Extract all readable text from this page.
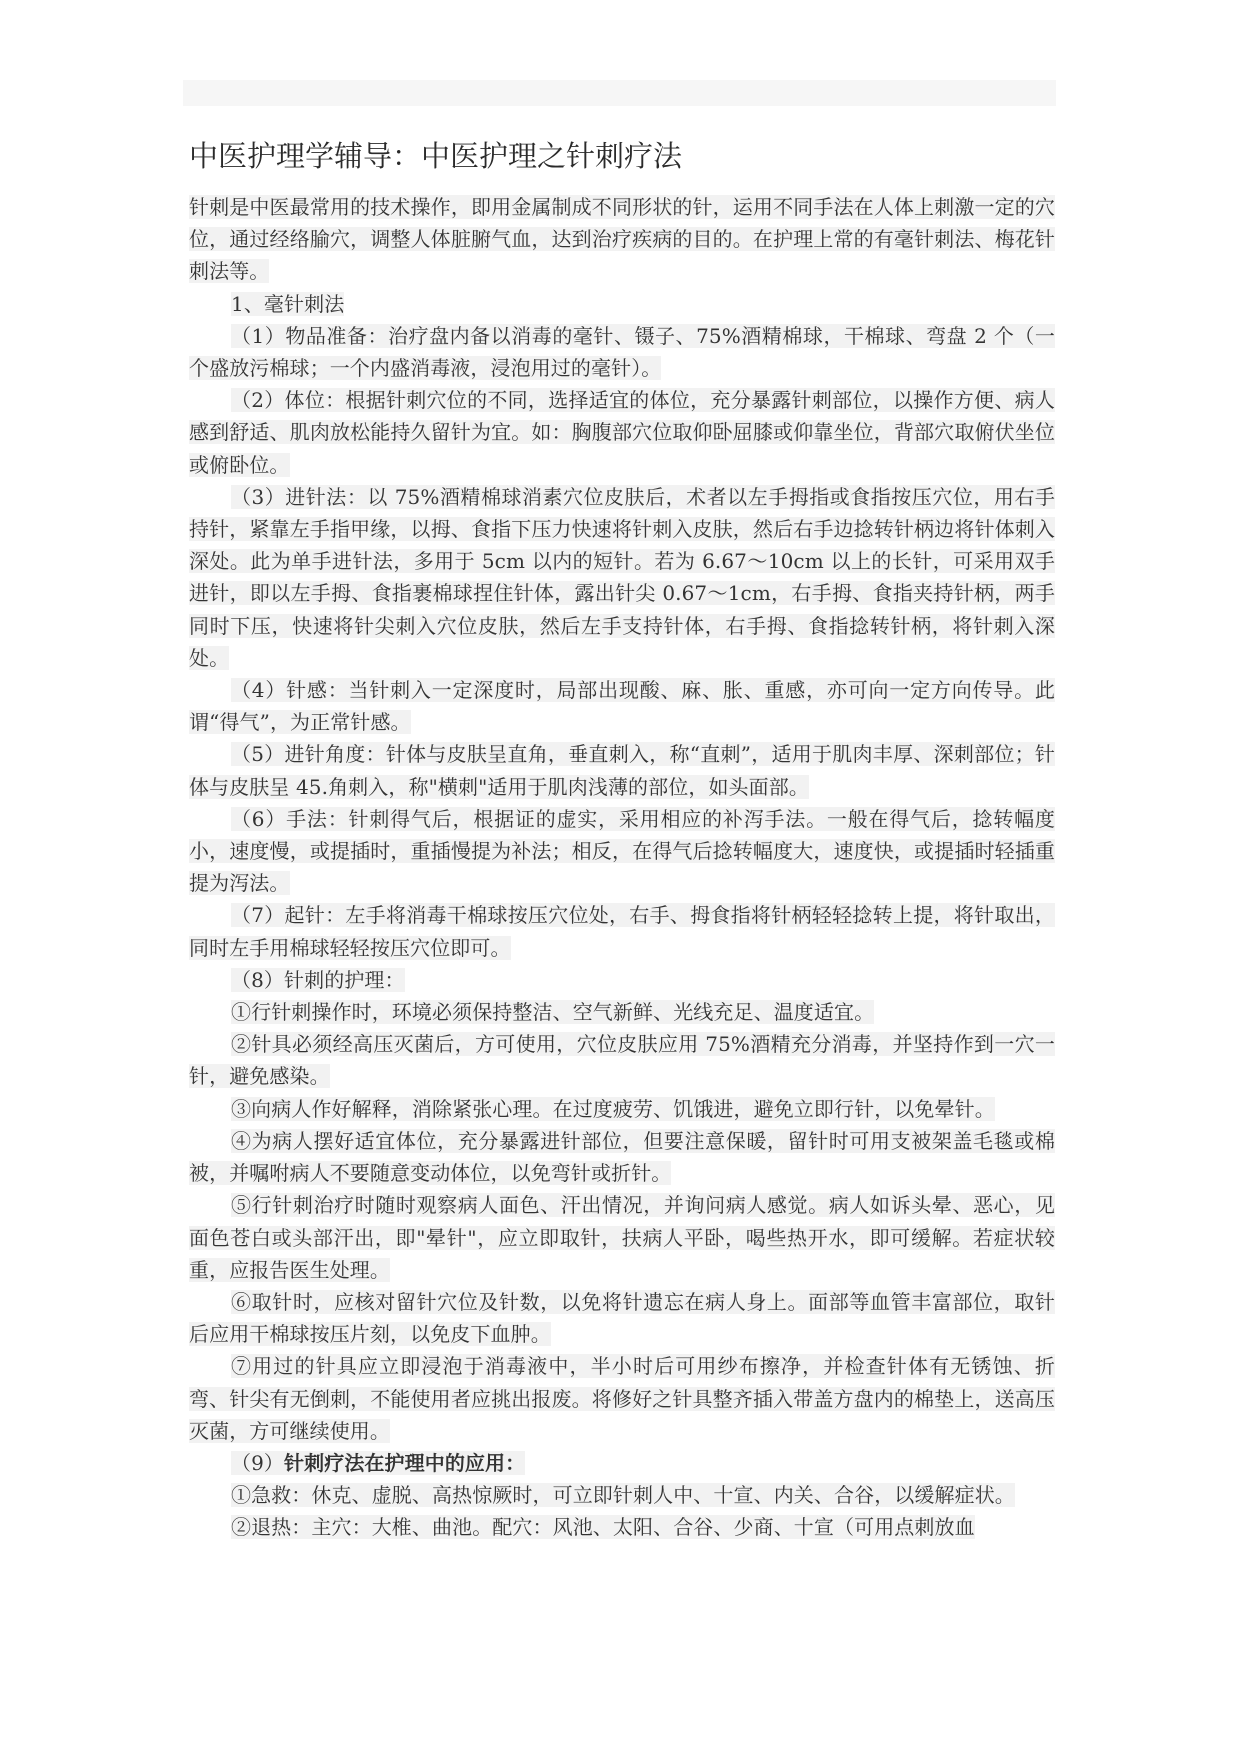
中医护理学辅导：中医护理之针刺疗法

针刺是中医最常用的技术操作，即用金属制成不同形状的针，运用不同手法在人体上刺激一定的穴位，通过经络腧穴，调整人体脏腑气血，达到治疗疾病的目的。在护理上常的有毫针刺法、梅花针刺法等。

1、毫针刺法

（1）物品准备：治疗盘内备以消毒的毫针、镊子、75%酒精棉球，干棉球、弯盘 2 个（一个盛放污棉球；一个内盛消毒液，浸泡用过的毫针）。

（2）体位：根据针刺穴位的不同，选择适宜的体位，充分暴露针刺部位，以操作方便、病人感到舒适、肌肉放松能持久留针为宜。如：胸腹部穴位取仰卧屈膝或仰靠坐位，背部穴取俯伏坐位或俯卧位。

（3）进针法：以 75%酒精棉球消素穴位皮肤后，术者以左手拇指或食指按压穴位，用右手持针，紧靠左手指甲缘，以拇、食指下压力快速将针刺入皮肤，然后右手边捻转针柄边将针体刺入深处。此为单手进针法，多用于 5cm 以内的短针。若为 6.67～10cm 以上的长针，可采用双手进针，即以左手拇、食指裹棉球捏住针体，露出针尖 0.67～1cm，右手拇、食指夹持针柄，两手同时下压，快速将针尖刺入穴位皮肤，然后左手支持针体，右手拇、食指捻转针柄，将针刺入深处。

（4）针感：当针刺入一定深度时，局部出现酸、麻、胀、重感，亦可向一定方向传导。此谓“得气”，为正常针感。

（5）进针角度：针体与皮肤呈直角，垂直刺入，称“直刺”，适用于肌肉丰厚、深刺部位；针体与皮肤呈 45.角刺入，称"横刺"适用于肌肉浅薄的部位，如头面部。

（6）手法：针刺得气后，根据证的虚实，采用相应的补泻手法。一般在得气后，捻转幅度小，速度慢，或提插时，重插慢提为补法；相反，在得气后捻转幅度大，速度快，或提插时轻插重提为泻法。

（7）起针：左手将消毒干棉球按压穴位处，右手、拇食指将针柄轻轻捻转上提，将针取出，同时左手用棉球轻轻按压穴位即可。

（8）针刺的护理：

①行针刺操作时，环境必须保持整洁、空气新鲜、光线充足、温度适宜。

②针具必须经高压灭菌后，方可使用，穴位皮肤应用 75%酒精充分消毒，并坚持作到一穴一针，避免感染。

③向病人作好解释，消除紧张心理。在过度疲劳、饥饿进，避免立即行针，以免晕针。

④为病人摆好适宜体位，充分暴露进针部位，但要注意保暖，留针时可用支被架盖毛毯或棉被，并嘱咐病人不要随意变动体位，以免弯针或折针。

⑤行针刺治疗时随时观察病人面色、汗出情况，并询问病人感觉。病人如诉头晕、恶心，见面色苍白或头部汗出，即"晕针"，应立即取针，扶病人平卧，喝些热开水，即可缓解。若症状较重，应报告医生处理。

⑥取针时，应核对留针穴位及针数，以免将针遗忘在病人身上。面部等血管丰富部位，取针后应用干棉球按压片刻，以免皮下血肿。

⑦用过的针具应立即浸泡于消毒液中，半小时后可用纱布擦净，并检查针体有无锈蚀、折弯、针尖有无倒刺，不能使用者应挑出报废。将修好之针具整齐插入带盖方盘内的棉垫上，送高压灭菌，方可继续使用。

（9）针刺疗法在护理中的应用：

①急救：休克、虚脱、高热惊厥时，可立即针刺人中、十宣、内关、合谷，以缓解症状。

②退热：主穴：大椎、曲池。配穴：风池、太阳、合谷、少商、十宣（可用点刺放血
